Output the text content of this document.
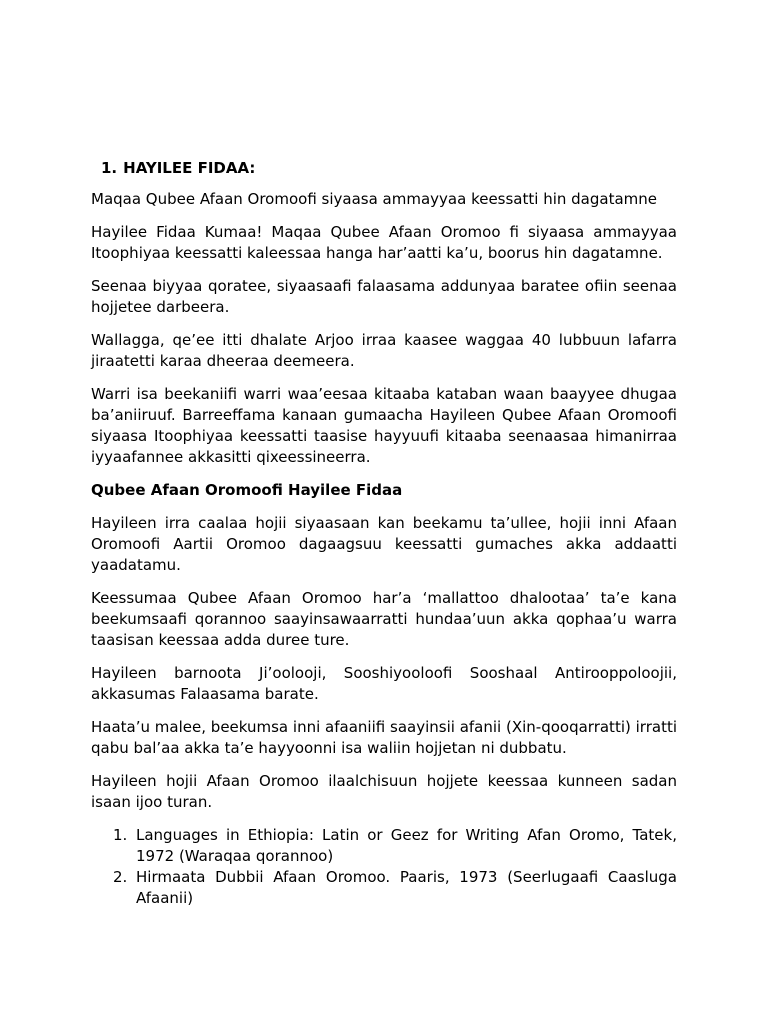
1. HAYILEE FIDAA:

Maqaa Qubee Afaan Oromoofi siyaasa ammayyaa keessatti hin dagatamne

Hayilee Fidaa Kumaa! Maqaa Qubee Afaan Oromoo fi siyaasa ammayyaa Itoophiyaa keessatti kaleessaa hanga har’aatti ka’u, boorus hin dagatamne.

Seenaa biyyaa qoratee, siyaasaafi falaasama addunyaa baratee ofiin seenaa hojjetee darbeera.

Wallagga, qe’ee itti dhalate Arjoo irraa kaasee waggaa 40 lubbuun lafarra jiraatetti karaa dheeraa deemeera.

Warri isa beekaniifi warri waa’eesaa kitaaba kataban waan baayyee dhugaa ba’aniiruuf. Barreeffama kanaan gumaacha Hayileen Qubee Afaan Oromoofi siyaasa Itoophiyaa keessatti taasise hayyuufi kitaaba seenaasaa himanirraa iyyaafannee akkasitti qixeessineerra.

Qubee Afaan Oromoofi Hayilee Fidaa

Hayileen irra caalaa hojii siyaasaan kan beekamu ta’ullee, hojii inni Afaan Oromoofi Aartii Oromoo dagaagsuu keessatti gumaches akka addaatti yaadatamu.

Keessumaa Qubee Afaan Oromoo har’a ‘mallattoo dhalootaa’ ta’e kana beekumsaafi qorannoo saayinsawaarratti hundaa’uun akka qophaa’u warra taasisan keessaa adda duree ture.

Hayileen barnoota Ji’oolooji, Sooshiyooloofi Sooshaal Antirooppoloojii, akkasumas Falaasama barate.

Haata’u malee, beekumsa inni afaaniifi saayinsii afanii (Xin-qooqarratti) irratti qabu bal’aa akka ta’e hayyoonni isa waliin hojjetan ni dubbatu.

Hayileen hojii Afaan Oromoo ilaalchisuun hojjete keessaa kunneen sadan isaan ijoo turan.

1. Languages in Ethiopia: Latin or Geez for Writing Afan Oromo, Tatek, 1972 (Waraqaa qorannoo)
2. Hirmaata Dubbii Afaan Oromoo. Paaris, 1973 (Seerlugaafi Caasluga Afaanii)
